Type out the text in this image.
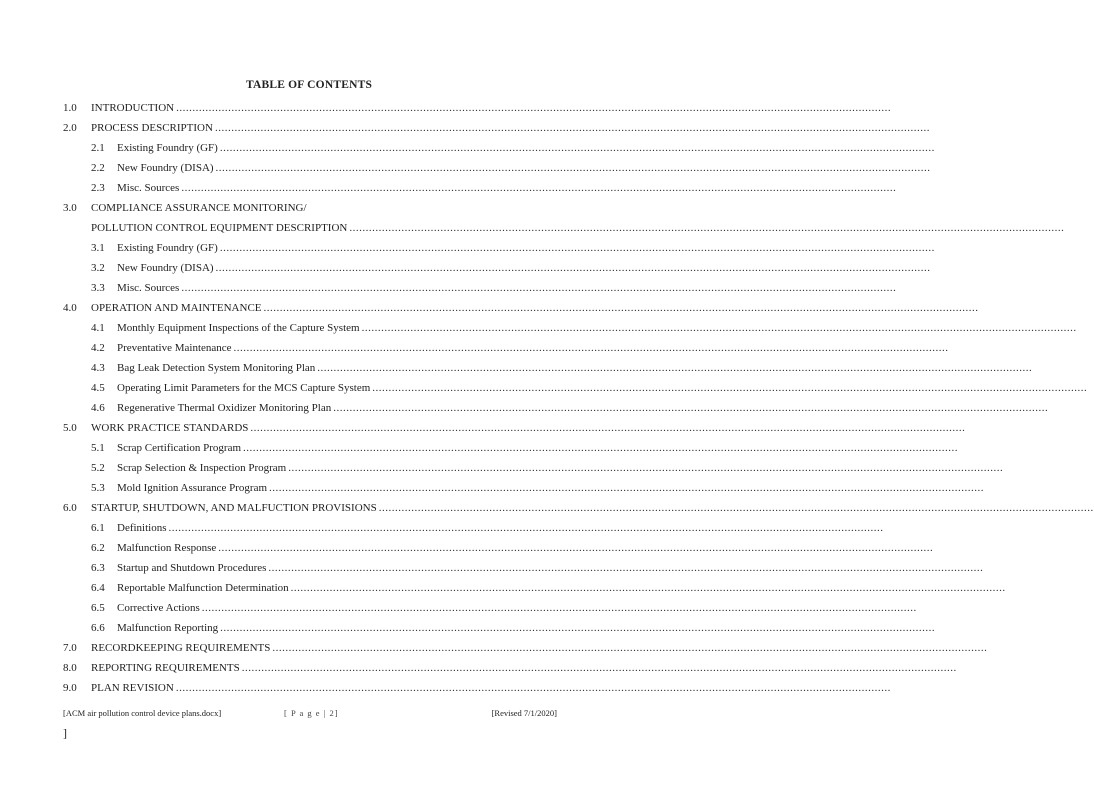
TABLE OF CONTENTS
1.0 INTRODUCTION ............................................................................................................................................................................................................................
2.0 PROCESS DESCRIPTION ............................................................................................................................................................................................................................
2.1 Existing Foundry (GF) ............................................................................................................................................................................................................................
2.2 New Foundry (DISA) ............................................................................................................................................................................................................................
2.3 Misc. Sources ............................................................................................................................................................................................................................
3.0 COMPLIANCE ASSURANCE MONITORING/
POLLUTION CONTROL EQUIPMENT DESCRIPTION ............................................................................................................................................................................................................................
3.1 Existing Foundry (GF) ............................................................................................................................................................................................................................
3.2 New Foundry (DISA) ............................................................................................................................................................................................................................
3.3 Misc. Sources ............................................................................................................................................................................................................................
4.0 OPERATION AND MAINTENANCE ............................................................................................................................................................................................................................
4.1 Monthly Equipment Inspections of the Capture System ............................................................................................................................................................................................................................
4.2 Preventative Maintenance ............................................................................................................................................................................................................................
4.3 Bag Leak Detection System Monitoring Plan ............................................................................................................................................................................................................................
4.5 Operating Limit Parameters for the MCS Capture System ............................................................................................................................................................................................................................
4.6 Regenerative Thermal Oxidizer Monitoring Plan ............................................................................................................................................................................................................................
5.0 WORK PRACTICE STANDARDS ............................................................................................................................................................................................................................
5.1 Scrap Certification Program ............................................................................................................................................................................................................................
5.2 Scrap Selection & Inspection Program ............................................................................................................................................................................................................................
5.3 Mold Ignition Assurance Program ............................................................................................................................................................................................................................
6.0 STARTUP, SHUTDOWN, AND MALFUCTION PROVISIONS ............................................................................................................................................................................................................................
6.1 Definitions ............................................................................................................................................................................................................................
6.2 Malfunction Response ............................................................................................................................................................................................................................
6.3 Startup and Shutdown Procedures ............................................................................................................................................................................................................................
6.4 Reportable Malfunction Determination ............................................................................................................................................................................................................................
6.5 Corrective Actions ............................................................................................................................................................................................................................
6.6 Malfunction Reporting ............................................................................................................................................................................................................................
7.0 RECORDKEEPING REQUIREMENTS ............................................................................................................................................................................................................................
8.0 REPORTING REQUIREMENTS ............................................................................................................................................................................................................................
9.0 PLAN REVISION ............................................................................................................................................................................................................................
[ACM air pollution control device plans.docx]	[ P a g e | 2]	[Revised 7/1/2020]
]
